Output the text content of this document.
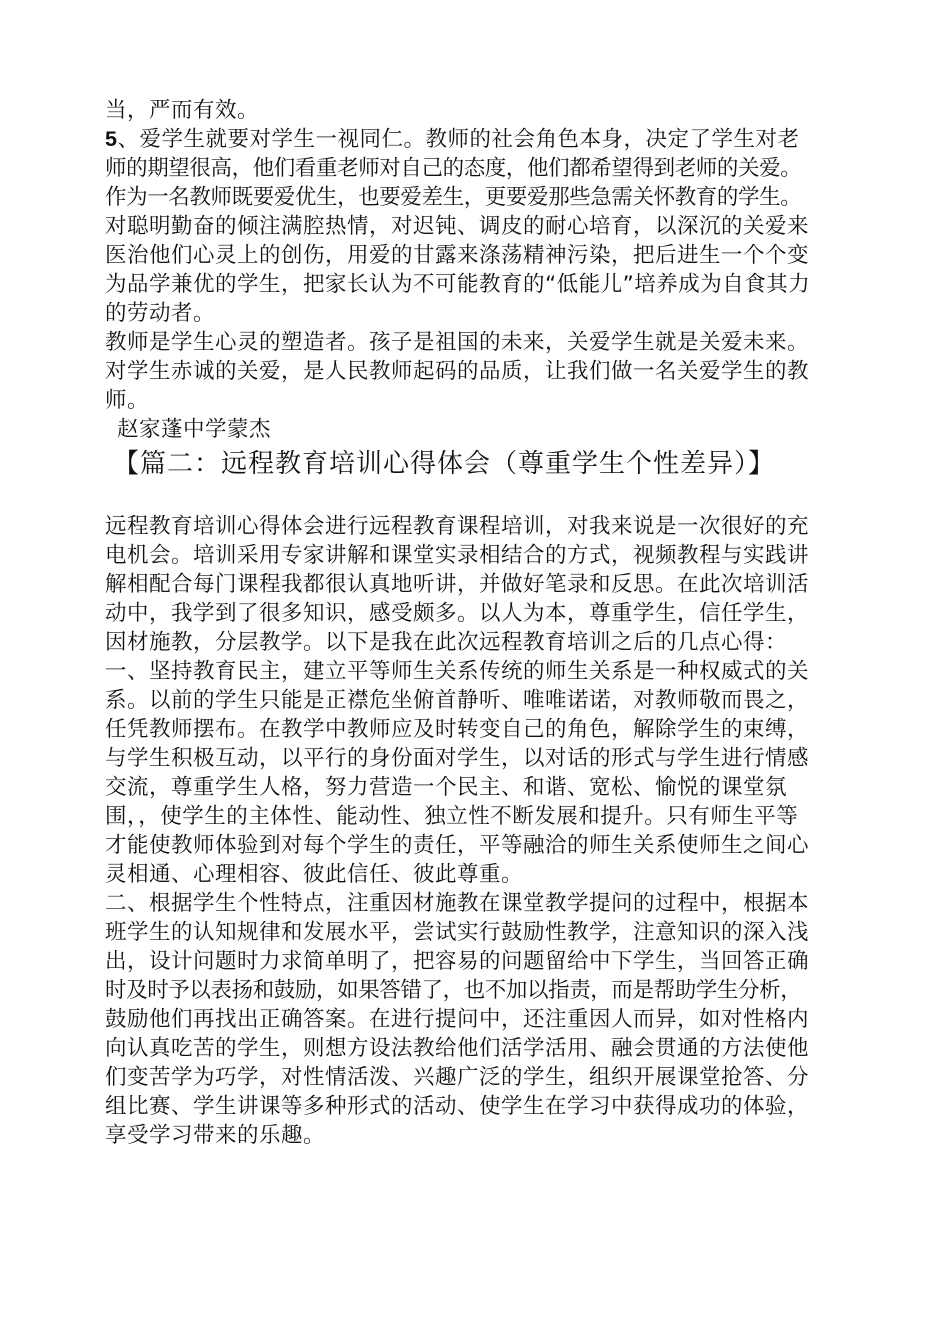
当，严而有效。
5、爱学生就要对学生一视同仁。教师的社会角色本身，决定了学生对老
师的期望很高，他们看重老师对自己的态度，他们都希望得到老师的关爱。
作为一名教师既要爱优生，也要爱差生，更要爱那些急需关怀教育的学生。
对聪明勤奋的倾注满腔热情，对迟钝、调皮的耐心培育，以深沉的关爱来
医治他们心灵上的创伤，用爱的甘露来涤荡精神污染，把后进生一个个变
为品学兼优的学生，把家长认为不可能教育的“低能儿”培养成为自食其力
的劳动者。
教师是学生心灵的塑造者。孩子是祖国的未来，关爱学生就是关爱未来。
对学生赤诚的关爱，是人民教师起码的品质，让我们做一名关爱学生的教
师。
赵家蓬中学蒙杰
【篇二：远程教育培训心得体会（尊重学生个性差异）】
远程教育培训心得体会进行远程教育课程培训，对我来说是一次很好的充
电机会。培训采用专家讲解和课堂实录相结合的方式，视频教程与实践讲
解相配合每门课程我都很认真地听讲，并做好笔录和反思。在此次培训活
动中，我学到了很多知识，感受颇多。以人为本，尊重学生，信任学生，
因材施教，分层教学。以下是我在此次远程教育培训之后的几点心得：
一、坚持教育民主，建立平等师生关系传统的师生关系是一种权威式的关
系。以前的学生只能是正襟危坐俯首静听、唯唯诺诺，对教师敬而畏之，
任凭教师摆布。在教学中教师应及时转变自己的角色，解除学生的束缚，
与学生积极互动，以平行的身份面对学生，以对话的形式与学生进行情感
交流，尊重学生人格，努力营造一个民主、和谐、宽松、愉悦的课堂氛
围，，使学生的主体性、能动性、独立性不断发展和提升。只有师生平等
才能使教师体验到对每个学生的责任，平等融洽的师生关系使师生之间心
灵相通、心理相容、彼此信任、彼此尊重。
二、根据学生个性特点，注重因材施教在课堂教学提问的过程中，根据本
班学生的认知规律和发展水平，尝试实行鼓励性教学，注意知识的深入浅
出，设计问题时力求简单明了，把容易的问题留给中下学生，当回答正确
时及时予以表扬和鼓励，如果答错了，也不加以指责，而是帮助学生分析，
鼓励他们再找出正确答案。在进行提问中，还注重因人而异，如对性格内
向认真吃苦的学生，则想方设法教给他们活学活用、融会贯通的方法使他
们变苦学为巧学，对性情活泼、兴趣广泛的学生，组织开展课堂抢答、分
组比赛、学生讲课等多种形式的活动、使学生在学习中获得成功的体验，
享受学习带来的乐趣。
